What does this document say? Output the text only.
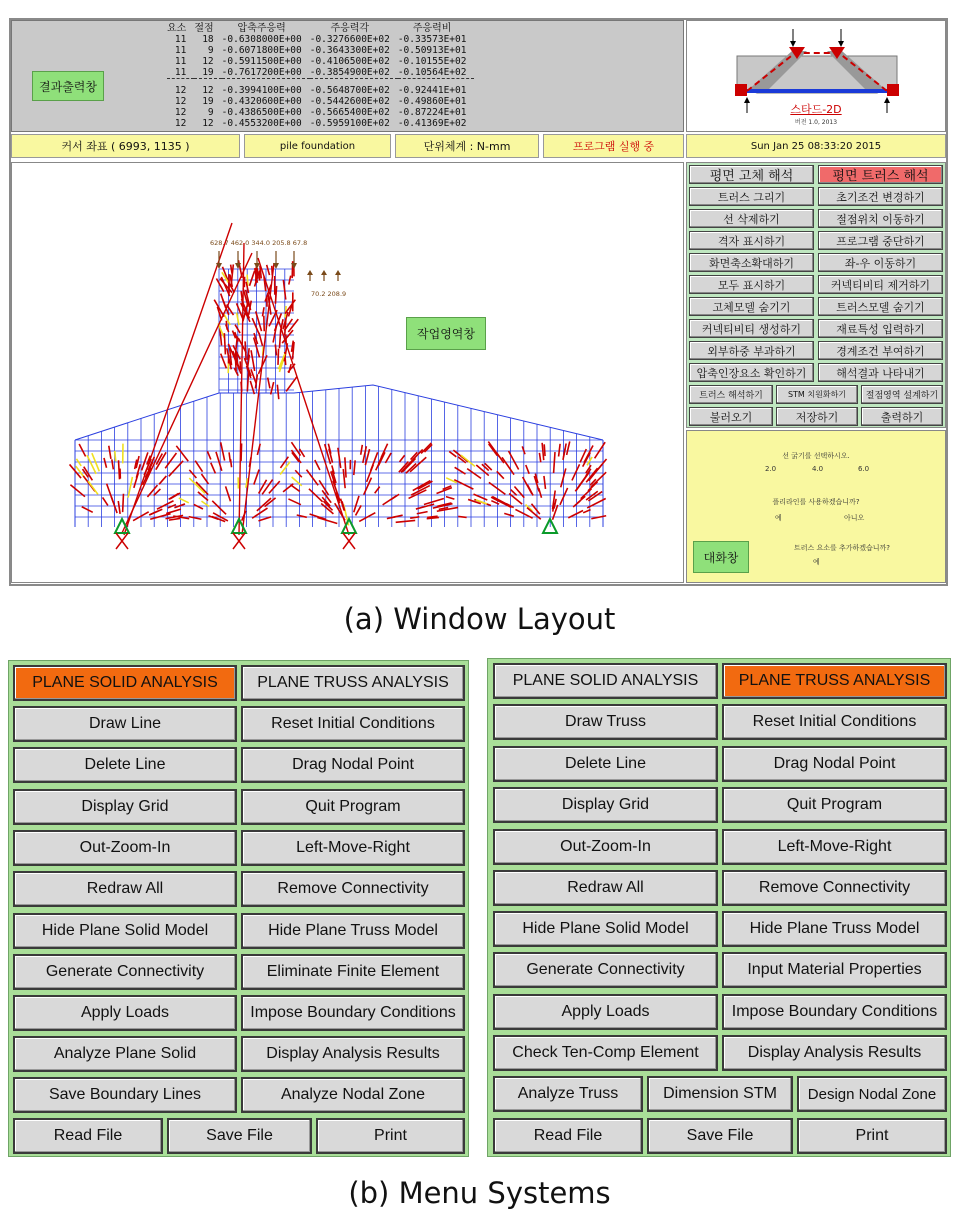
결과출력창
요소	절점	압축주응력	주응력각	주응력비
11	18	-0.6308000E+00	-0.3276600E+02	-0.33573E+01
11	9	-0.6071800E+00	-0.3643300E+02	-0.50913E+01
11	12	-0.5911500E+00	-0.4106500E+02	-0.10155E+02
11	19	-0.7617200E+00	-0.3854900E+02	-0.10564E+02

12	12	-0.3994100E+00	-0.5648700E+02	-0.92441E+01
12	19	-0.4320600E+00	-0.5442600E+02	-0.49860E+01
12	9	-0.4386500E+00	-0.5665400E+02	-0.87224E+01
12	12	-0.4553200E+00	-0.5959100E+02	-0.41369E+02
스타드-2D
버전 1.0, 2013
커서 좌표 ( 6993, 1135 )	pile foundation	단위체계 : N-mm	프로그램 실행 중	Sun Jan 25 08:33:20 2015
작업영역창
628.7 462.0 344.0 205.8 67.8
70.2 208.9
평면 고체 해석	평면 트러스 해석
트러스 그리기	초기조건 변경하기
선 삭제하기	절점위치 이동하기
격자 표시하기	프로그램 중단하기
화면축소확대하기	좌-우 이동하기
모두 표시하기	커넥티비티 제거하기
고체모델 숨기기	트러스모델 숨기기
커넥티비티 생성하기	재료특성 입력하기
외부하중 부과하기	경계조건 부여하기
압축인장요소 확인하기	해석결과 나타내기
트러스 해석하기	STM 치원화하기	절점영역 설계하기
불러오기	저장하기	출력하기
선 굵기를 선택하시오.
2.0	4.0	6.0
플리라인를 사용하겠습니까?
예	아니오
트러스 요소를 추가하겠습니까?
예
대화창
(a) Window Layout
PLANE SOLID ANALYSIS	PLANE TRUSS ANALYSIS
Draw Line	Reset Initial Conditions
Delete Line	Drag Nodal Point
Display Grid	Quit Program
Out-Zoom-In	Left-Move-Right
Redraw All	Remove Connectivity
Hide Plane Solid Model	Hide Plane Truss Model
Generate Connectivity	Eliminate Finite Element
Apply Loads	Impose Boundary Conditions
Analyze Plane Solid	Display Analysis Results
Save Boundary Lines	Analyze Nodal Zone
Read File	Save File	Print
PLANE SOLID ANALYSIS	PLANE TRUSS ANALYSIS
Draw Truss	Reset Initial Conditions
Delete Line	Drag Nodal Point
Display Grid	Quit Program
Out-Zoom-In	Left-Move-Right
Redraw All	Remove Connectivity
Hide Plane Solid Model	Hide Plane Truss Model
Generate Connectivity	Input Material Properties
Apply Loads	Impose Boundary Conditions
Check Ten-Comp Element	Display Analysis Results
Analyze Truss	Dimension STM	Design Nodal Zone
Read File	Save File	Print
(b) Menu Systems
